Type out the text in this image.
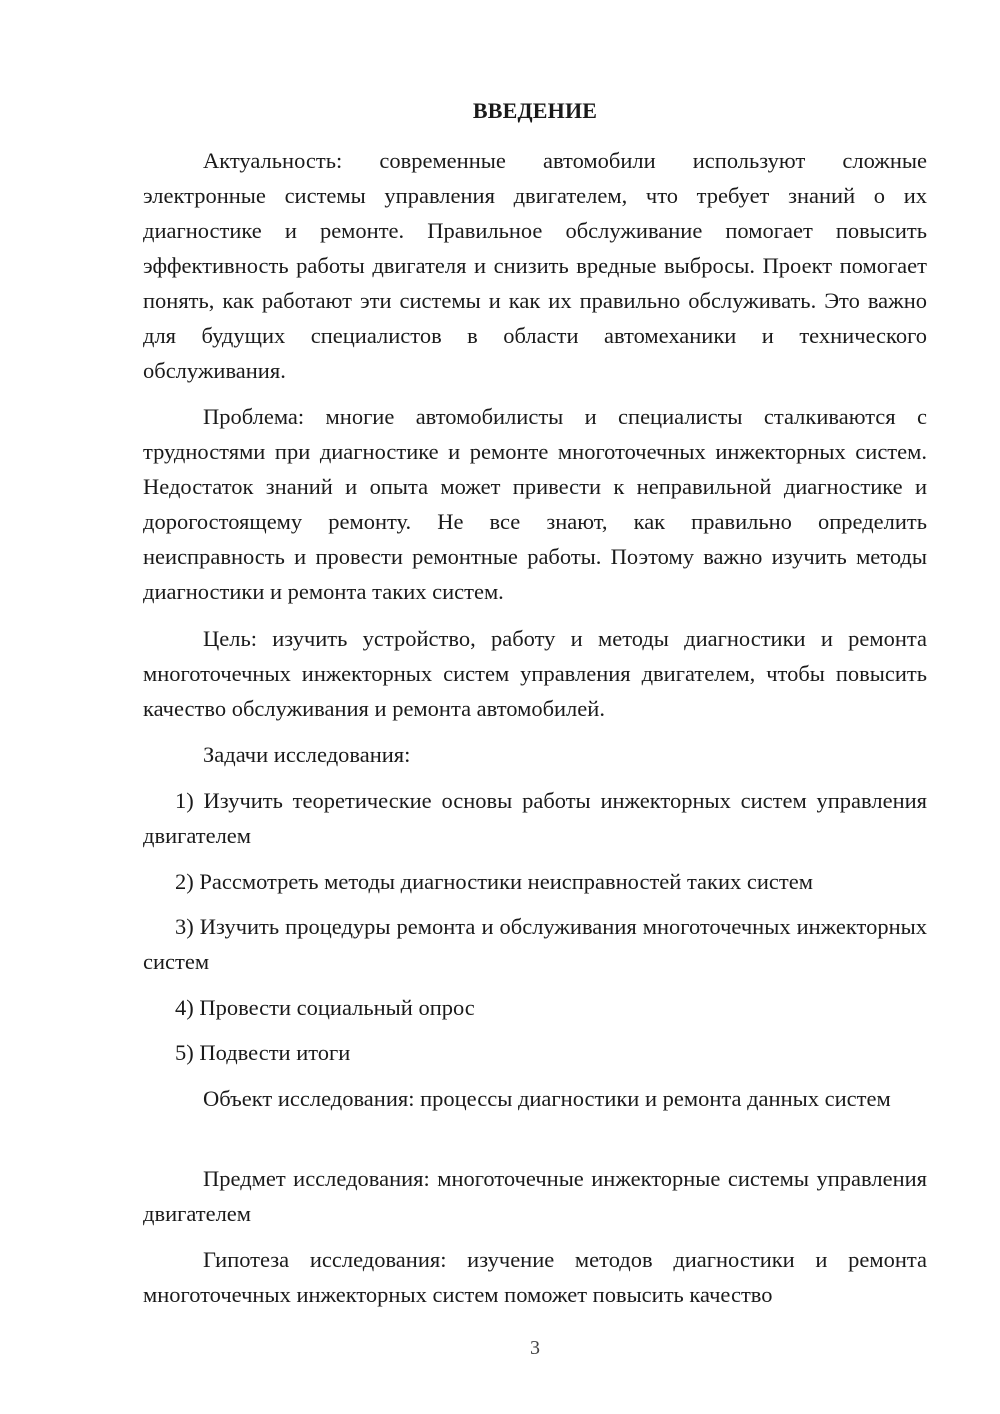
ВВЕДЕНИЕ

Актуальность: современные автомобили используют сложные электронные системы управления двигателем, что требует знаний о их диагностике и ремонте. Правильное обслуживание помогает повысить эффективность работы двигателя и снизить вредные выбросы. Проект помогает понять, как работают эти системы и как их правильно обслуживать. Это важно для будущих специалистов в области автомеханики и технического обслуживания.

Проблема: многие автомобилисты и специалисты сталкиваются с трудностями при диагностике и ремонте многоточечных инжекторных систем. Недостаток знаний и опыта может привести к неправильной диагностике и дорогостоящему ремонту. Не все знают, как правильно определить неисправность и провести ремонтные работы. Поэтому важно изучить методы диагностики и ремонта таких систем.

Цель: изучить устройство, работу и методы диагностики и ремонта многоточечных инжекторных систем управления двигателем, чтобы повысить качество обслуживания и ремонта автомобилей.

Задачи исследования:

1) Изучить теоретические основы работы инжекторных систем управления двигателем

2) Рассмотреть методы диагностики неисправностей таких систем

3) Изучить процедуры ремонта и обслуживания многоточечных инжекторных систем

4) Провести социальный опрос

5) Подвести итоги

Объект исследования: процессы диагностики и ремонта данных систем

Предмет исследования: многоточечные инжекторные системы управления двигателем

Гипотеза исследования: изучение методов диагностики и ремонта многоточечных инжекторных систем поможет повысить качество

3
